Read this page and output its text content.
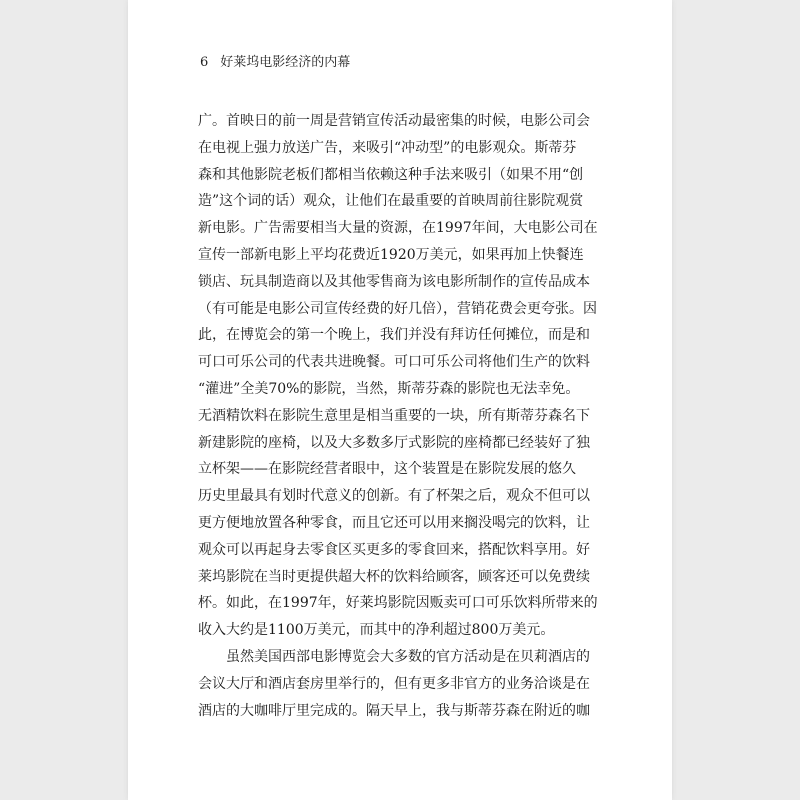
6 好莱坞电影经济的内幕
广。首映日的前一周是营销宣传活动最密集的时候，电影公司会
在电视上强力放送广告，来吸引“冲动型”的电影观众。斯蒂芬
森和其他影院老板们都相当依赖这种手法来吸引（如果不用“创
造”这个词的话）观众，让他们在最重要的首映周前往影院观赏
新电影。广告需要相当大量的资源，在1997年间，大电影公司在
宣传一部新电影上平均花费近1920万美元，如果再加上快餐连
锁店、玩具制造商以及其他零售商为该电影所制作的宣传品成本
（有可能是电影公司宣传经费的好几倍），营销花费会更夸张。因
此，在博览会的第一个晚上，我们并没有拜访任何摊位，而是和
可口可乐公司的代表共进晚餐。可口可乐公司将他们生产的饮料
“灌进”全美70%的影院，当然，斯蒂芬森的影院也无法幸免。
无酒精饮料在影院生意里是相当重要的一块，所有斯蒂芬森名下
新建影院的座椅，以及大多数多厅式影院的座椅都已经装好了独
立杯架——在影院经营者眼中，这个装置是在影院发展的悠久
历史里最具有划时代意义的创新。有了杯架之后，观众不但可以
更方便地放置各种零食，而且它还可以用来搁没喝完的饮料，让
观众可以再起身去零食区买更多的零食回来，搭配饮料享用。好
莱坞影院在当时更提供超大杯的饮料给顾客，顾客还可以免费续
杯。如此，在1997年，好莱坞影院因贩卖可口可乐饮料所带来的
收入大约是1100万美元，而其中的净利超过800万美元。
　　虽然美国西部电影博览会大多数的官方活动是在贝莉酒店的
会议大厅和酒店套房里举行的，但有更多非官方的业务洽谈是在
酒店的大咖啡厅里完成的。隔天早上，我与斯蒂芬森在附近的咖
